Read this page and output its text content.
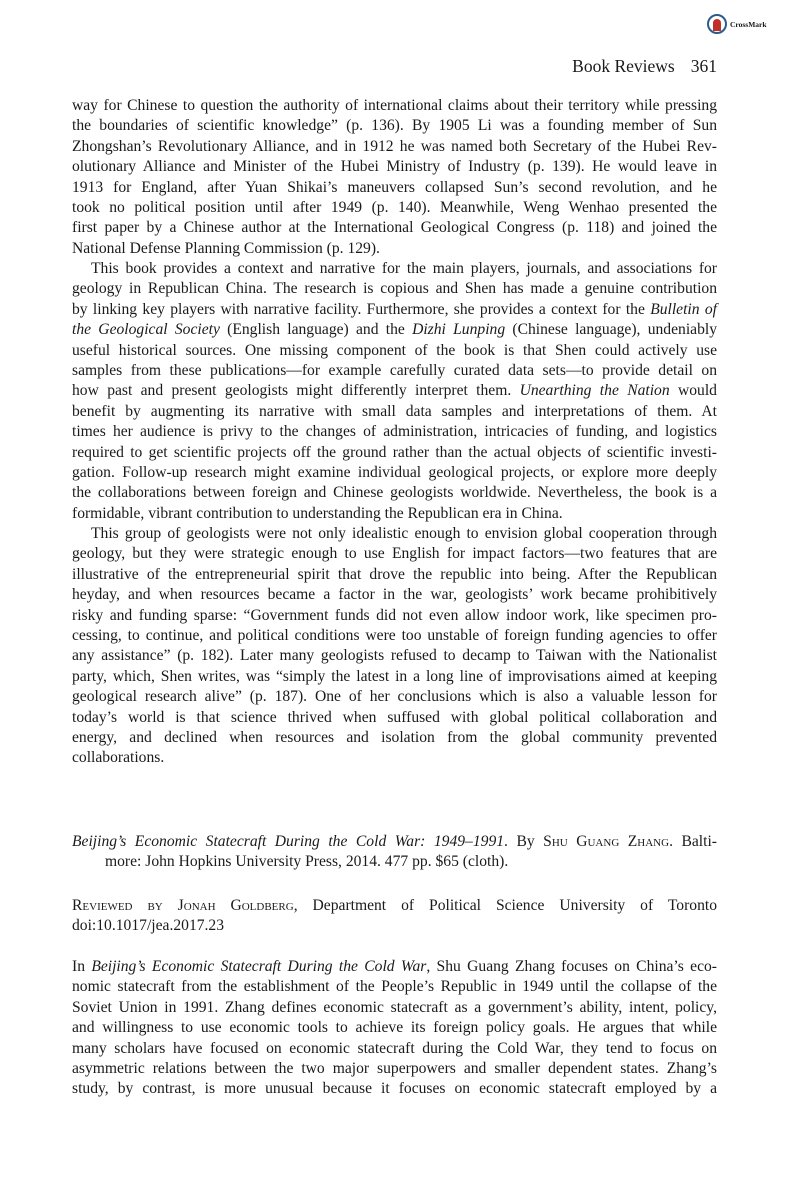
CrossMark
Book Reviews 361
way for Chinese to question the authority of international claims about their territory while pressing
the boundaries of scientific knowledge” (p. 136). By 1905 Li was a founding member of Sun
Zhongshan’s Revolutionary Alliance, and in 1912 he was named both Secretary of the Hubei Rev-
olutionary Alliance and Minister of the Hubei Ministry of Industry (p. 139). He would leave in
1913 for England, after Yuan Shikai’s maneuvers collapsed Sun’s second revolution, and he
took no political position until after 1949 (p. 140). Meanwhile, Weng Wenhao presented the
first paper by a Chinese author at the International Geological Congress (p. 118) and joined the
National Defense Planning Commission (p. 129).
This book provides a context and narrative for the main players, journals, and associations for
geology in Republican China. The research is copious and Shen has made a genuine contribution
by linking key players with narrative facility. Furthermore, she provides a context for the Bulletin of
the Geological Society (English language) and the Dizhi Lunping (Chinese language), undeniably
useful historical sources. One missing component of the book is that Shen could actively use
samples from these publications—for example carefully curated data sets—to provide detail on
how past and present geologists might differently interpret them. Unearthing the Nation would
benefit by augmenting its narrative with small data samples and interpretations of them. At
times her audience is privy to the changes of administration, intricacies of funding, and logistics
required to get scientific projects off the ground rather than the actual objects of scientific investi-
gation. Follow-up research might examine individual geological projects, or explore more deeply
the collaborations between foreign and Chinese geologists worldwide. Nevertheless, the book is a
formidable, vibrant contribution to understanding the Republican era in China.
This group of geologists were not only idealistic enough to envision global cooperation through
geology, but they were strategic enough to use English for impact factors—two features that are
illustrative of the entrepreneurial spirit that drove the republic into being. After the Republican
heyday, and when resources became a factor in the war, geologists’ work became prohibitively
risky and funding sparse: “Government funds did not even allow indoor work, like specimen pro-
cessing, to continue, and political conditions were too unstable of foreign funding agencies to offer
any assistance” (p. 182). Later many geologists refused to decamp to Taiwan with the Nationalist
party, which, Shen writes, was “simply the latest in a long line of improvisations aimed at keeping
geological research alive” (p. 187). One of her conclusions which is also a valuable lesson for
today’s world is that science thrived when suffused with global political collaboration and
energy, and declined when resources and isolation from the global community prevented
collaborations.
Beijing’s Economic Statecraft During the Cold War: 1949–1991. By Shu Guang Zhang. Balti-
more: John Hopkins University Press, 2014. 477 pp. $65 (cloth).
Reviewed by Jonah Goldberg, Department of Political Science University of Toronto
doi:10.1017/jea.2017.23
In Beijing’s Economic Statecraft During the Cold War, Shu Guang Zhang focuses on China’s eco-
nomic statecraft from the establishment of the People’s Republic in 1949 until the collapse of the
Soviet Union in 1991. Zhang defines economic statecraft as a government’s ability, intent, policy,
and willingness to use economic tools to achieve its foreign policy goals. He argues that while
many scholars have focused on economic statecraft during the Cold War, they tend to focus on
asymmetric relations between the two major superpowers and smaller dependent states. Zhang’s
study, by contrast, is more unusual because it focuses on economic statecraft employed by a
